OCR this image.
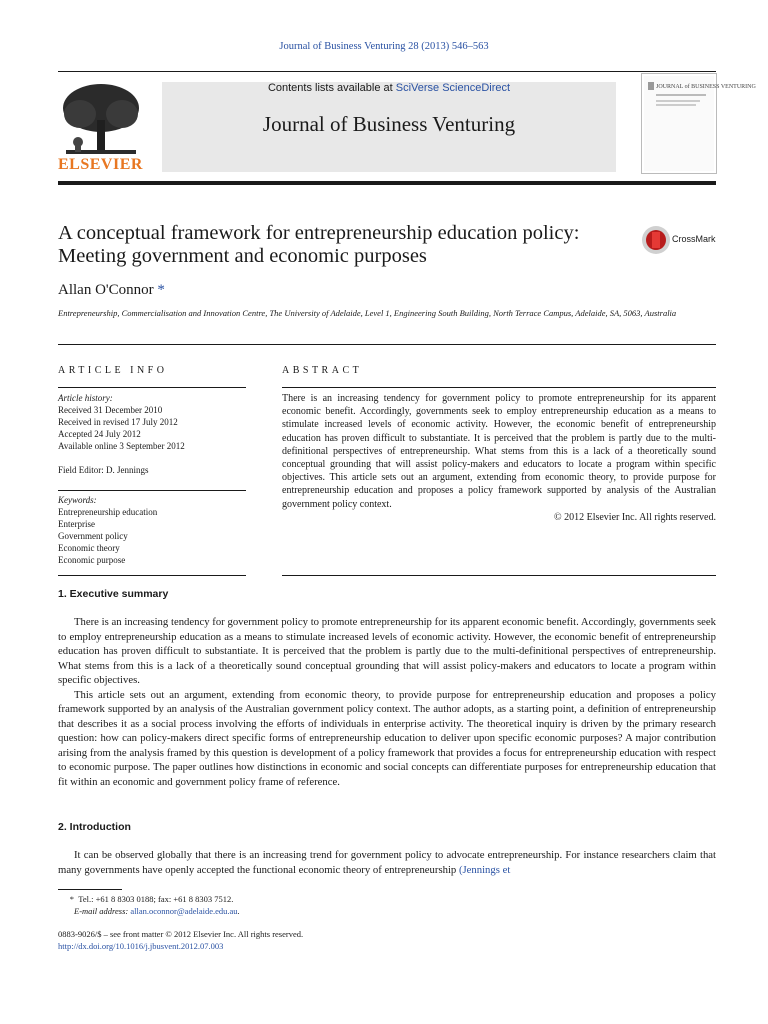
Journal of Business Venturing 28 (2013) 546–563
ELSEVIER
Contents lists available at SciVerse ScienceDirect
Journal of Business Venturing
JOURNAL of BUSINESS VENTURING
A conceptual framework for entrepreneurship education policy:
Meeting government and economic purposes
CrossMark
Allan O'Connor *
Entrepreneurship, Commercialisation and Innovation Centre, The University of Adelaide, Level 1, Engineering South Building, North Terrace Campus, Adelaide, SA, 5063, Australia
ARTICLE INFO
Article history:
Received 31 December 2010
Received in revised 17 July 2012
Accepted 24 July 2012
Available online 3 September 2012
Field Editor: D. Jennings
Keywords:
Entrepreneurship education
Enterprise
Government policy
Economic theory
Economic purpose
ABSTRACT
There is an increasing tendency for government policy to promote entrepreneurship for its apparent economic benefit. Accordingly, governments seek to employ entrepreneurship education as a means to stimulate increased levels of economic activity. However, the economic benefit of entrepreneurship education has proven difficult to substantiate. It is perceived that the problem is partly due to the multi-definitional perspectives of entrepreneurship. What stems from this is a lack of a theoretically sound conceptual grounding that will assist policy-makers and educators to locate a program within specific objectives. This article sets out an argument, extending from economic theory, to provide purpose for entrepreneurship education and proposes a policy framework supported by analysis of the Australian government policy context.
© 2012 Elsevier Inc. All rights reserved.
1. Executive summary

There is an increasing tendency for government policy to promote entrepreneurship for its apparent economic benefit. Accordingly, governments seek to employ entrepreneurship education as a means to stimulate increased levels of economic activity. However, the economic benefit of entrepreneurship education has proven difficult to substantiate. It is perceived that the problem is partly due to the multi-definitional perspectives of entrepreneurship. What stems from this is a lack of a theoretically sound conceptual grounding that will assist policy-makers and educators to locate a program within specific objectives.

This article sets out an argument, extending from economic theory, to provide purpose for entrepreneurship education and proposes a policy framework supported by an analysis of the Australian government policy context. The author adopts, as a starting point, a definition of entrepreneurship that describes it as a social process involving the efforts of individuals in enterprise activity. The theoretical inquiry is driven by the primary research question: how can policy-makers direct specific forms of entrepreneurship education to deliver upon specific economic purposes? A major contribution arising from the analysis framed by this question is development of a policy framework that provides a focus for entrepreneurship education with respect to economic purpose. The paper outlines how distinctions in economic and social concepts can differentiate purposes for entrepreneurship education that fit within an economic and government policy frame of reference.

2. Introduction

It can be observed globally that there is an increasing trend for government policy to advocate entrepreneurship. For instance researchers claim that many governments have openly accepted the functional economic theory of entrepreneurship (Jennings et

* Tel.: +61 8 8303 0188; fax: +61 8 8303 7512.
E-mail address: allan.oconnor@adelaide.edu.au.
0883-9026/$ – see front matter © 2012 Elsevier Inc. All rights reserved.
http://dx.doi.org/10.1016/j.jbusvent.2012.07.003
